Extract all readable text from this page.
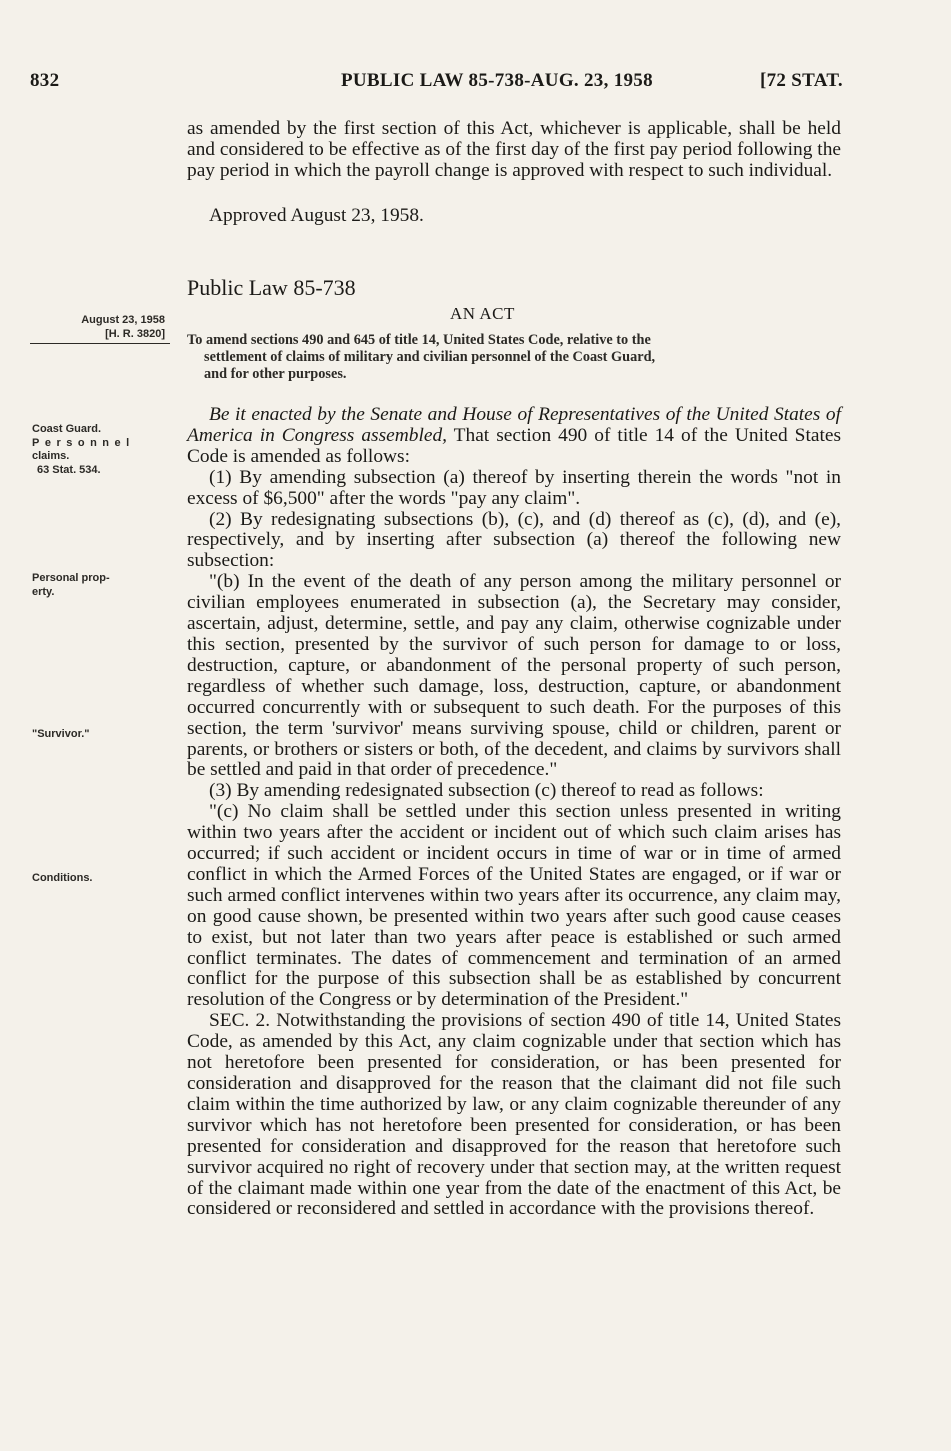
832	PUBLIC LAW 85-738-AUG. 23, 1958	[72 STAT.

as amended by the first section of this Act, whichever is applicable, shall be held and considered to be effective as of the first day of the first pay period following the pay period in which the payroll change is approved with respect to such individual.

Approved August 23, 1958.
Public Law 85-738
AN ACT
To amend sections 490 and 645 of title 14, United States Code, relative to the
settlement of claims of military and civilian personnel of the Coast Guard,
and for other purposes.
August 23, 1958
[H. R. 3820]
Coast Guard.
Personnel
claims.
63 Stat. 534.
Personal prop-
erty.
"Survivor."
Conditions.

Be it enacted by the Senate and House of Representatives of the United States of America in Congress assembled, That section 490 of title 14 of the United States Code is amended as follows:

(1) By amending subsection (a) thereof by inserting therein the words "not in excess of $6,500" after the words "pay any claim".

(2) By redesignating subsections (b), (c), and (d) thereof as (c), (d), and (e), respectively, and by inserting after subsection (a) thereof the following new subsection:

"(b) In the event of the death of any person among the military personnel or civilian employees enumerated in subsection (a), the Secretary may consider, ascertain, adjust, determine, settle, and pay any claim, otherwise cognizable under this section, presented by the survivor of such person for damage to or loss, destruction, capture, or abandonment of the personal property of such person, regardless of whether such damage, loss, destruction, capture, or abandonment occurred concurrently with or subsequent to such death. For the purposes of this section, the term 'survivor' means surviving spouse, child or children, parent or parents, or brothers or sisters or both, of the decedent, and claims by survivors shall be settled and paid in that order of precedence."

(3) By amending redesignated subsection (c) thereof to read as follows:

"(c) No claim shall be settled under this section unless presented in writing within two years after the accident or incident out of which such claim arises has occurred; if such accident or incident occurs in time of war or in time of armed conflict in which the Armed Forces of the United States are engaged, or if war or such armed conflict intervenes within two years after its occurrence, any claim may, on good cause shown, be presented within two years after such good cause ceases to exist, but not later than two years after peace is established or such armed conflict terminates. The dates of commencement and termination of an armed conflict for the purpose of this subsection shall be as established by concurrent resolution of the Congress or by determination of the President."

SEC. 2. Notwithstanding the provisions of section 490 of title 14, United States Code, as amended by this Act, any claim cognizable under that section which has not heretofore been presented for consideration, or has been presented for consideration and disapproved for the reason that the claimant did not file such claim within the time authorized by law, or any claim cognizable thereunder of any survivor which has not heretofore been presented for consideration, or has been presented for consideration and disapproved for the reason that heretofore such survivor acquired no right of recovery under that section may, at the written request of the claimant made within one year from the date of the enactment of this Act, be considered or reconsidered and settled in accordance with the provisions thereof.
